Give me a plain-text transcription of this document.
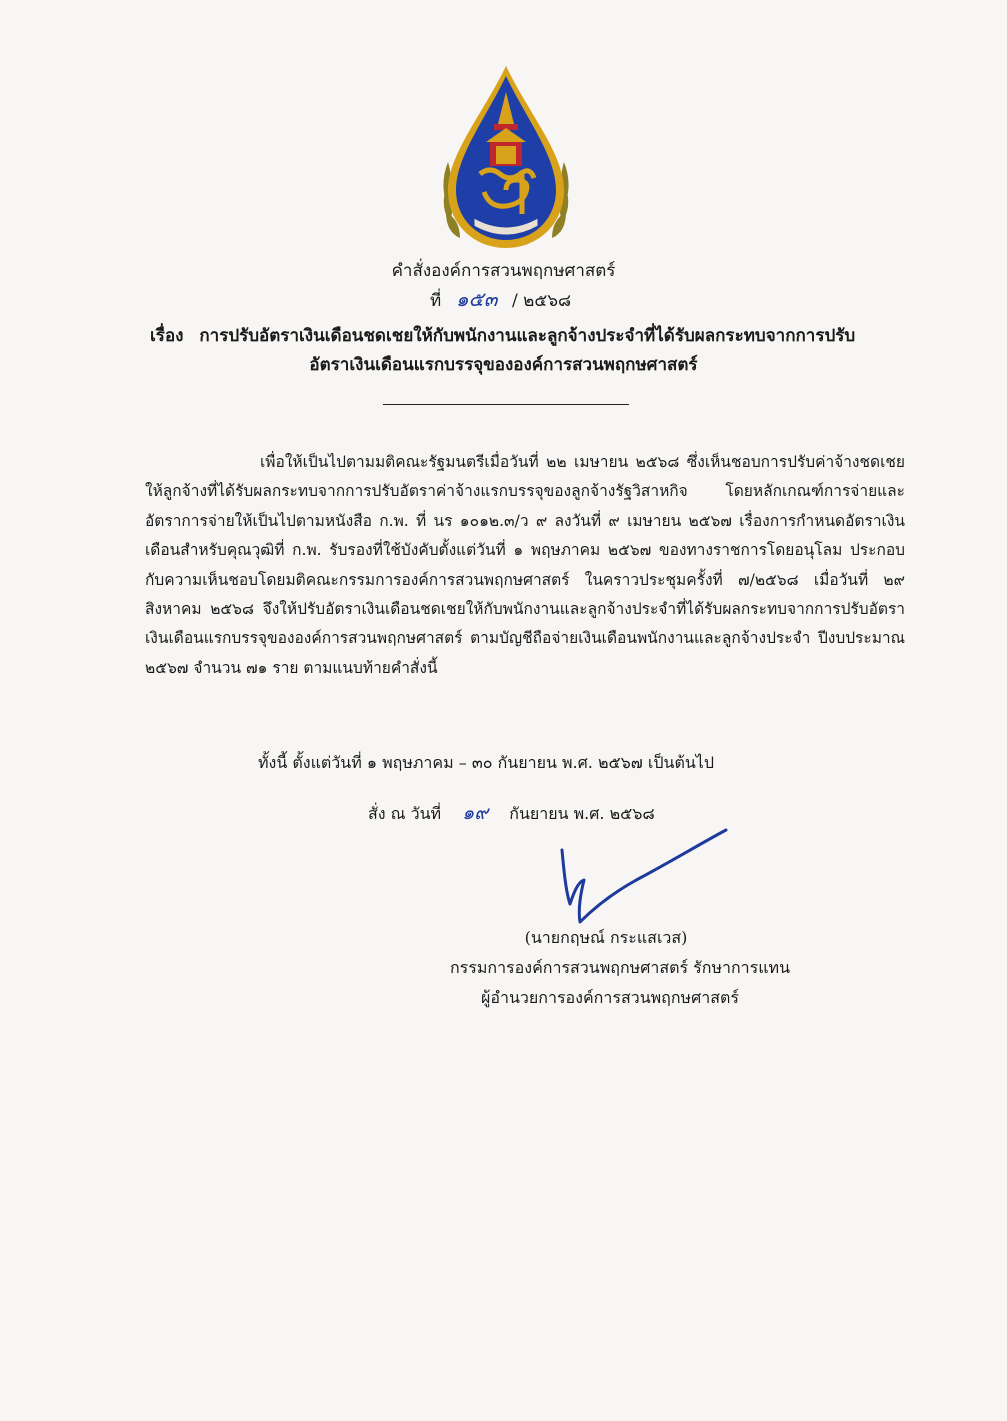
คำสั่งองค์การสวนพฤกษศาสตร์
ที่ ๑๕๓ / ๒๕๖๘
เรื่อง การปรับอัตราเงินเดือนชดเชยให้กับพนักงานและลูกจ้างประจำที่ได้รับผลกระทบจากการปรับ
อัตราเงินเดือนแรกบรรจุขององค์การสวนพฤกษศาสตร์
เพื่อให้เป็นไปตามมติคณะรัฐมนตรีเมื่อวันที่ ๒๒ เมษายน ๒๕๖๘ ซึ่งเห็นชอบการปรับค่าจ้างชดเชยให้ลูกจ้างที่ได้รับผลกระทบจากการปรับอัตราค่าจ้างแรกบรรจุของลูกจ้างรัฐวิสาหกิจ โดยหลักเกณฑ์การจ่ายและอัตราการจ่ายให้เป็นไปตามหนังสือ ก.พ. ที่ นร ๑๐๑๒.๓/ว ๙ ลงวันที่ ๙ เมษายน ๒๕๖๗ เรื่องการกำหนดอัตราเงินเดือนสำหรับคุณวุฒิที่ ก.พ. รับรองที่ใช้บังคับตั้งแต่วันที่ ๑ พฤษภาคม ๒๕๖๗ ของทางราชการโดยอนุโลม ประกอบกับความเห็นชอบโดยมติคณะกรรมการองค์การสวนพฤกษศาสตร์ ในคราวประชุมครั้งที่ ๗/๒๕๖๘ เมื่อวันที่ ๒๙ สิงหาคม ๒๕๖๘ จึงให้ปรับอัตราเงินเดือนชดเชยให้กับพนักงานและลูกจ้างประจำที่ได้รับผลกระทบจากการปรับอัตราเงินเดือนแรกบรรจุขององค์การสวนพฤกษศาสตร์ ตามบัญชีถือจ่ายเงินเดือนพนักงานและลูกจ้างประจำ ปีงบประมาณ ๒๕๖๗ จำนวน ๗๑ ราย ตามแนบท้ายคำสั่งนี้
ทั้งนี้ ตั้งแต่วันที่ ๑ พฤษภาคม – ๓๐ กันยายน พ.ศ. ๒๕๖๗ เป็นต้นไป
สั่ง ณ วันที่ ๑๙ กันยายน พ.ศ. ๒๕๖๘
(นายกฤษณ์ กระแสเวส)
กรรมการองค์การสวนพฤกษศาสตร์ รักษาการแทน
ผู้อำนวยการองค์การสวนพฤกษศาสตร์
